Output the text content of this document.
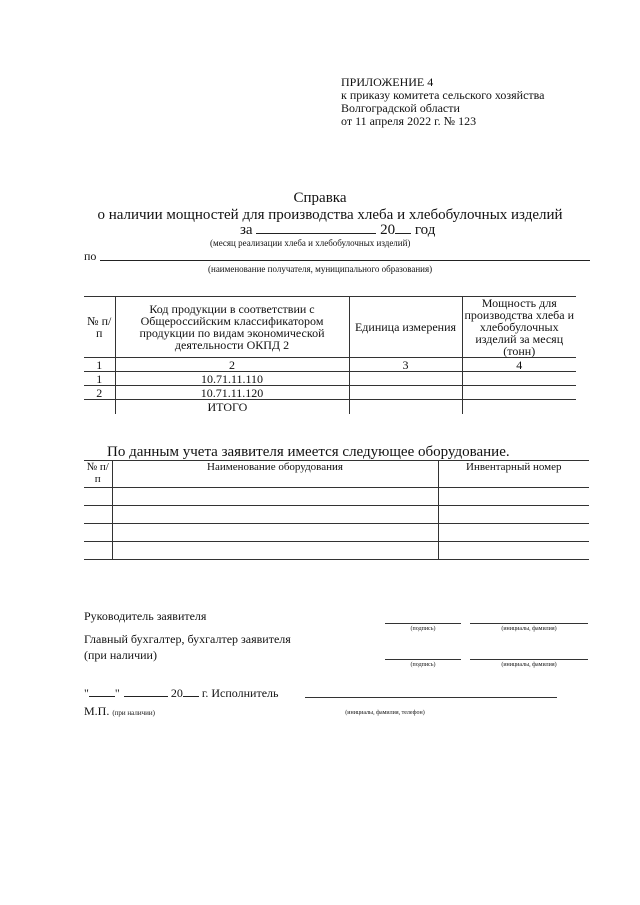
ПРИЛОЖЕНИЕ 4
к приказу комитета сельского хозяйства
Волгоградской области
от 11 апреля 2022 г. № 123
Справка
о наличии мощностей для производства хлеба и хлебобулочных изделий
за	20 год
(месяц реализации хлеба и хлебобулочных изделий)
по
(наименование получателя, муниципального образования)
№ п/п	Код продукции в соответствии с Общероссийским классификатором продукции по видам экономической деятельности ОКПД 2	Единица измерения	Мощность для производства хлеба и хлебобулочных изделий за месяц (тонн)
1	2	3	4
1	10.71.11.110		
2	10.71.11.120		
	ИТОГО		
По данным учета заявителя имеется следующее оборудование.
№ п/п	Наименование оборудования	Инвентарный номер

Руководитель заявителя
(подпись)	(инициалы, фамилия)
Главный бухгалтер, бухгалтер заявителя
(при наличии)
(подпись)	(инициалы, фамилия)
" "	20 г. Исполнитель
(инициалы, фамилия, телефон)
М.П. (при наличии)
